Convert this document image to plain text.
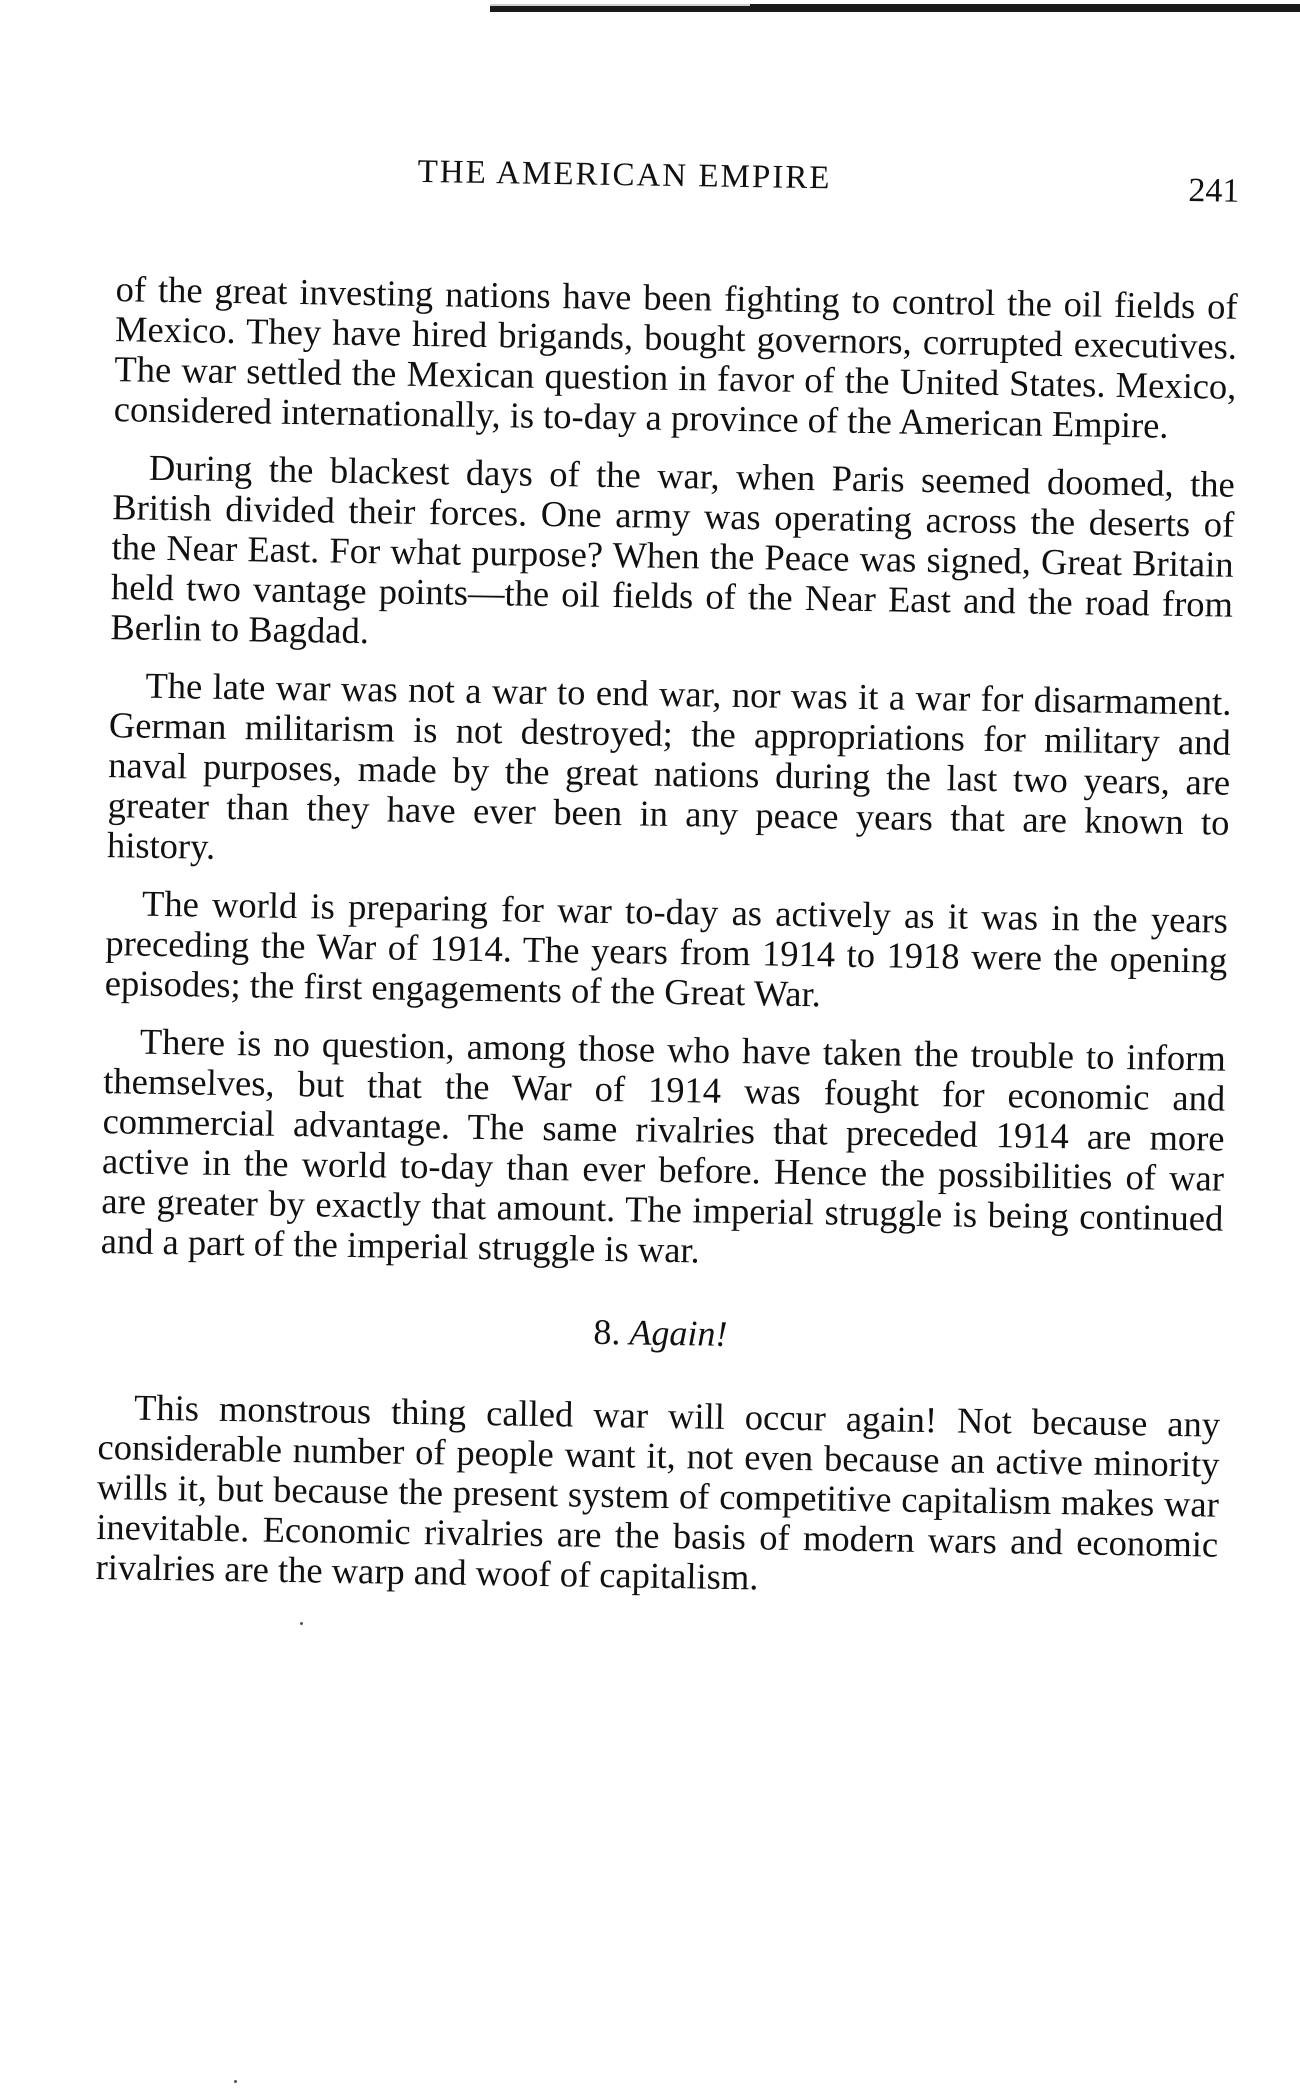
THE AMERICAN EMPIRE	241

of the great investing nations have been fighting to control the oil fields of Mexico. They have hired brigands, bought governors, corrupted executives. The war settled the Mexican question in favor of the United States. Mexico, considered internationally, is to-day a province of the American Empire.

During the blackest days of the war, when Paris seemed doomed, the British divided their forces. One army was operating across the deserts of the Near East. For what purpose? When the Peace was signed, Great Britain held two vantage points—the oil fields of the Near East and the road from Berlin to Bagdad.

The late war was not a war to end war, nor was it a war for disarmament. German militarism is not destroyed; the appropriations for military and naval purposes, made by the great nations during the last two years, are greater than they have ever been in any peace years that are known to history.

The world is preparing for war to-day as actively as it was in the years preceding the War of 1914. The years from 1914 to 1918 were the opening episodes; the first engagements of the Great War.

There is no question, among those who have taken the trouble to inform themselves, but that the War of 1914 was fought for economic and commercial advantage. The same rivalries that preceded 1914 are more active in the world to-day than ever before. Hence the possibilities of war are greater by exactly that amount. The imperial struggle is being continued and a part of the imperial struggle is war.

8. Again!

This monstrous thing called war will occur again! Not because any considerable number of people want it, not even because an active minority wills it, but because the present system of competitive capitalism makes war inevitable. Economic rivalries are the basis of modern wars and economic rivalries are the warp and woof of capitalism.
